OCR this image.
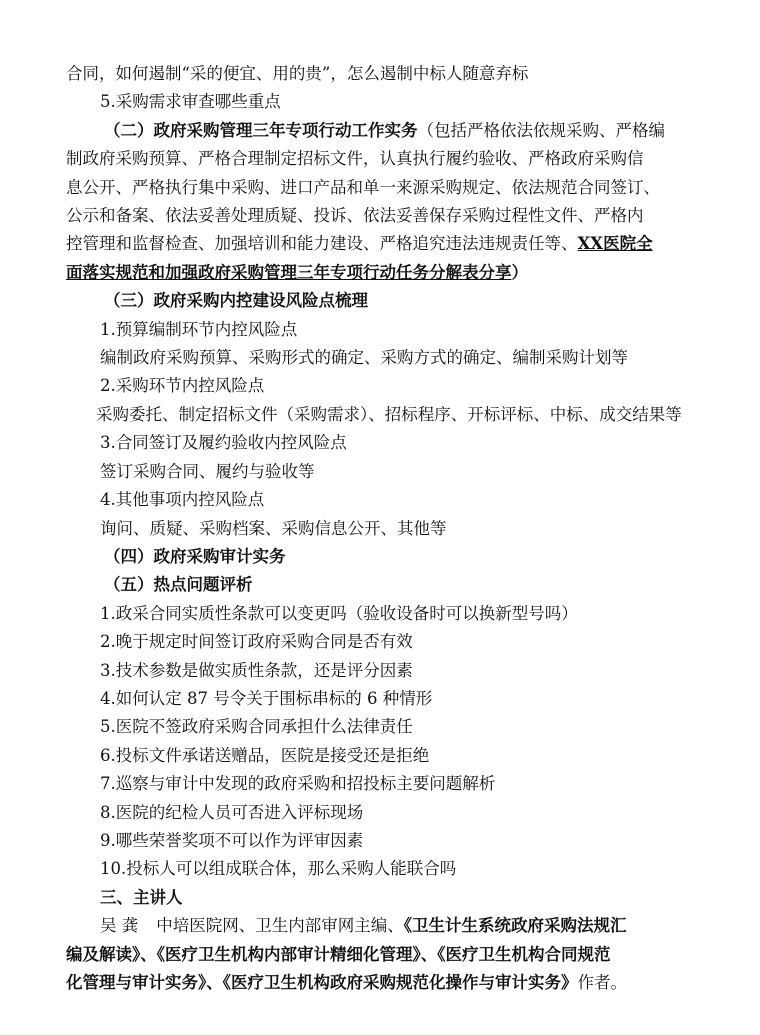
合同，如何遏制“采的便宜、用的贵”，怎么遏制中标人随意弃标

5.采购需求审查哪些重点

（二）政府采购管理三年专项行动工作实务（包括严格依法依规采购、严格编

制政府采购预算、严格合理制定招标文件，认真执行履约验收、严格政府采购信

息公开、严格执行集中采购、进口产品和单一来源采购规定、依法规范合同签订、

公示和备案、依法妥善处理质疑、投诉、依法妥善保存采购过程性文件、严格内

控管理和监督检查、加强培训和能力建设、严格追究违法违规责任等、XX医院全

面落实规范和加强政府采购管理三年专项行动任务分解表分享）

（三）政府采购内控建设风险点梳理

1.预算编制环节内控风险点

编制政府采购预算、采购形式的确定、采购方式的确定、编制采购计划等

2.采购环节内控风险点

采购委托、制定招标文件（采购需求）、招标程序、开标评标、中标、成交结果等

3.合同签订及履约验收内控风险点

签订采购合同、履约与验收等

4.其他事项内控风险点

询问、质疑、采购档案、采购信息公开、其他等

（四）政府采购审计实务

（五）热点问题评析

1.政采合同实质性条款可以变更吗（验收设备时可以换新型号吗）

2.晚于规定时间签订政府采购合同是否有效

3.技术参数是做实质性条款，还是评分因素

4.如何认定 87 号令关于围标串标的 6 种情形

5.医院不签政府采购合同承担什么法律责任

6.投标文件承诺送赠品，医院是接受还是拒绝

7.巡察与审计中发现的政府采购和招投标主要问题解析

8.医院的纪检人员可否进入评标现场

9.哪些荣誉奖项不可以作为评审因素

10.投标人可以组成联合体，那么采购人能联合吗

三、主讲人

吴 龚 中培医院网、卫生内部审网主编、《卫生计生系统政府采购法规汇

编及解读》、《医疗卫生机构内部审计精细化管理》、《医疗卫生机构合同规范

化管理与审计实务》、《医疗卫生机构政府采购规范化操作与审计实务》作者。
